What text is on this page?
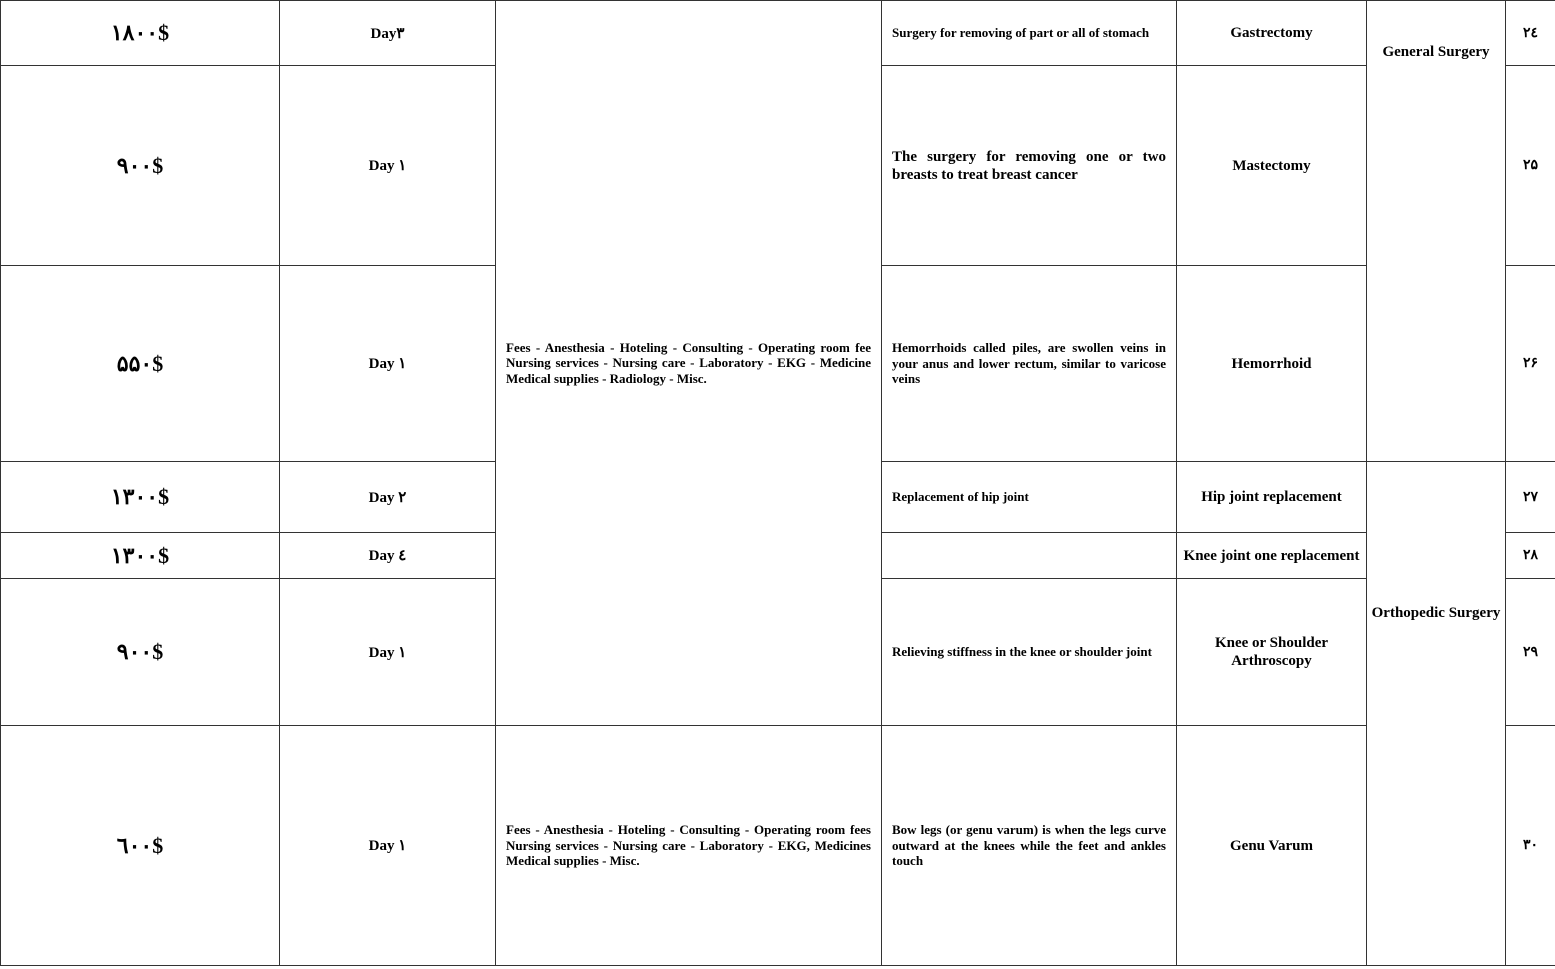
۱۸۰۰$	Day۳	Fees - Anesthesia - Hoteling - Consulting - Operating room fee Nursing services - Nursing care - Laboratory - EKG - Medicine Medical supplies - Radiology - Misc.	Surgery for removing of part or all of stomach	Gastrectomy	General Surgery	۲٤
۹۰۰$	Day ۱		The surgery for removing one or two breasts to treat breast cancer	Mastectomy		۲۵
۵۵۰$	Day ۱		Hemorrhoids called piles, are swollen veins in your anus and lower rectum, similar to varicose veins	Hemorrhoid		۲۶
۱۳۰۰$	Day ۲		Replacement of hip joint	Hip joint replacement	Orthopedic Surgery	۲۷
۱۳۰۰$	Day ٤			Knee joint one replacement		۲۸
۹۰۰$	Day ۱		Relieving stiffness in the knee or shoulder joint	Knee or Shoulder Arthroscopy		۲۹
٦۰۰$	Day ۱	Fees - Anesthesia - Hoteling - Consulting - Operating room fees Nursing services - Nursing care - Laboratory - EKG, Medicines Medical supplies - Misc.	Bow legs (or genu varum) is when the legs curve outward at the knees while the feet and ankles touch	Genu Varum		۳۰
